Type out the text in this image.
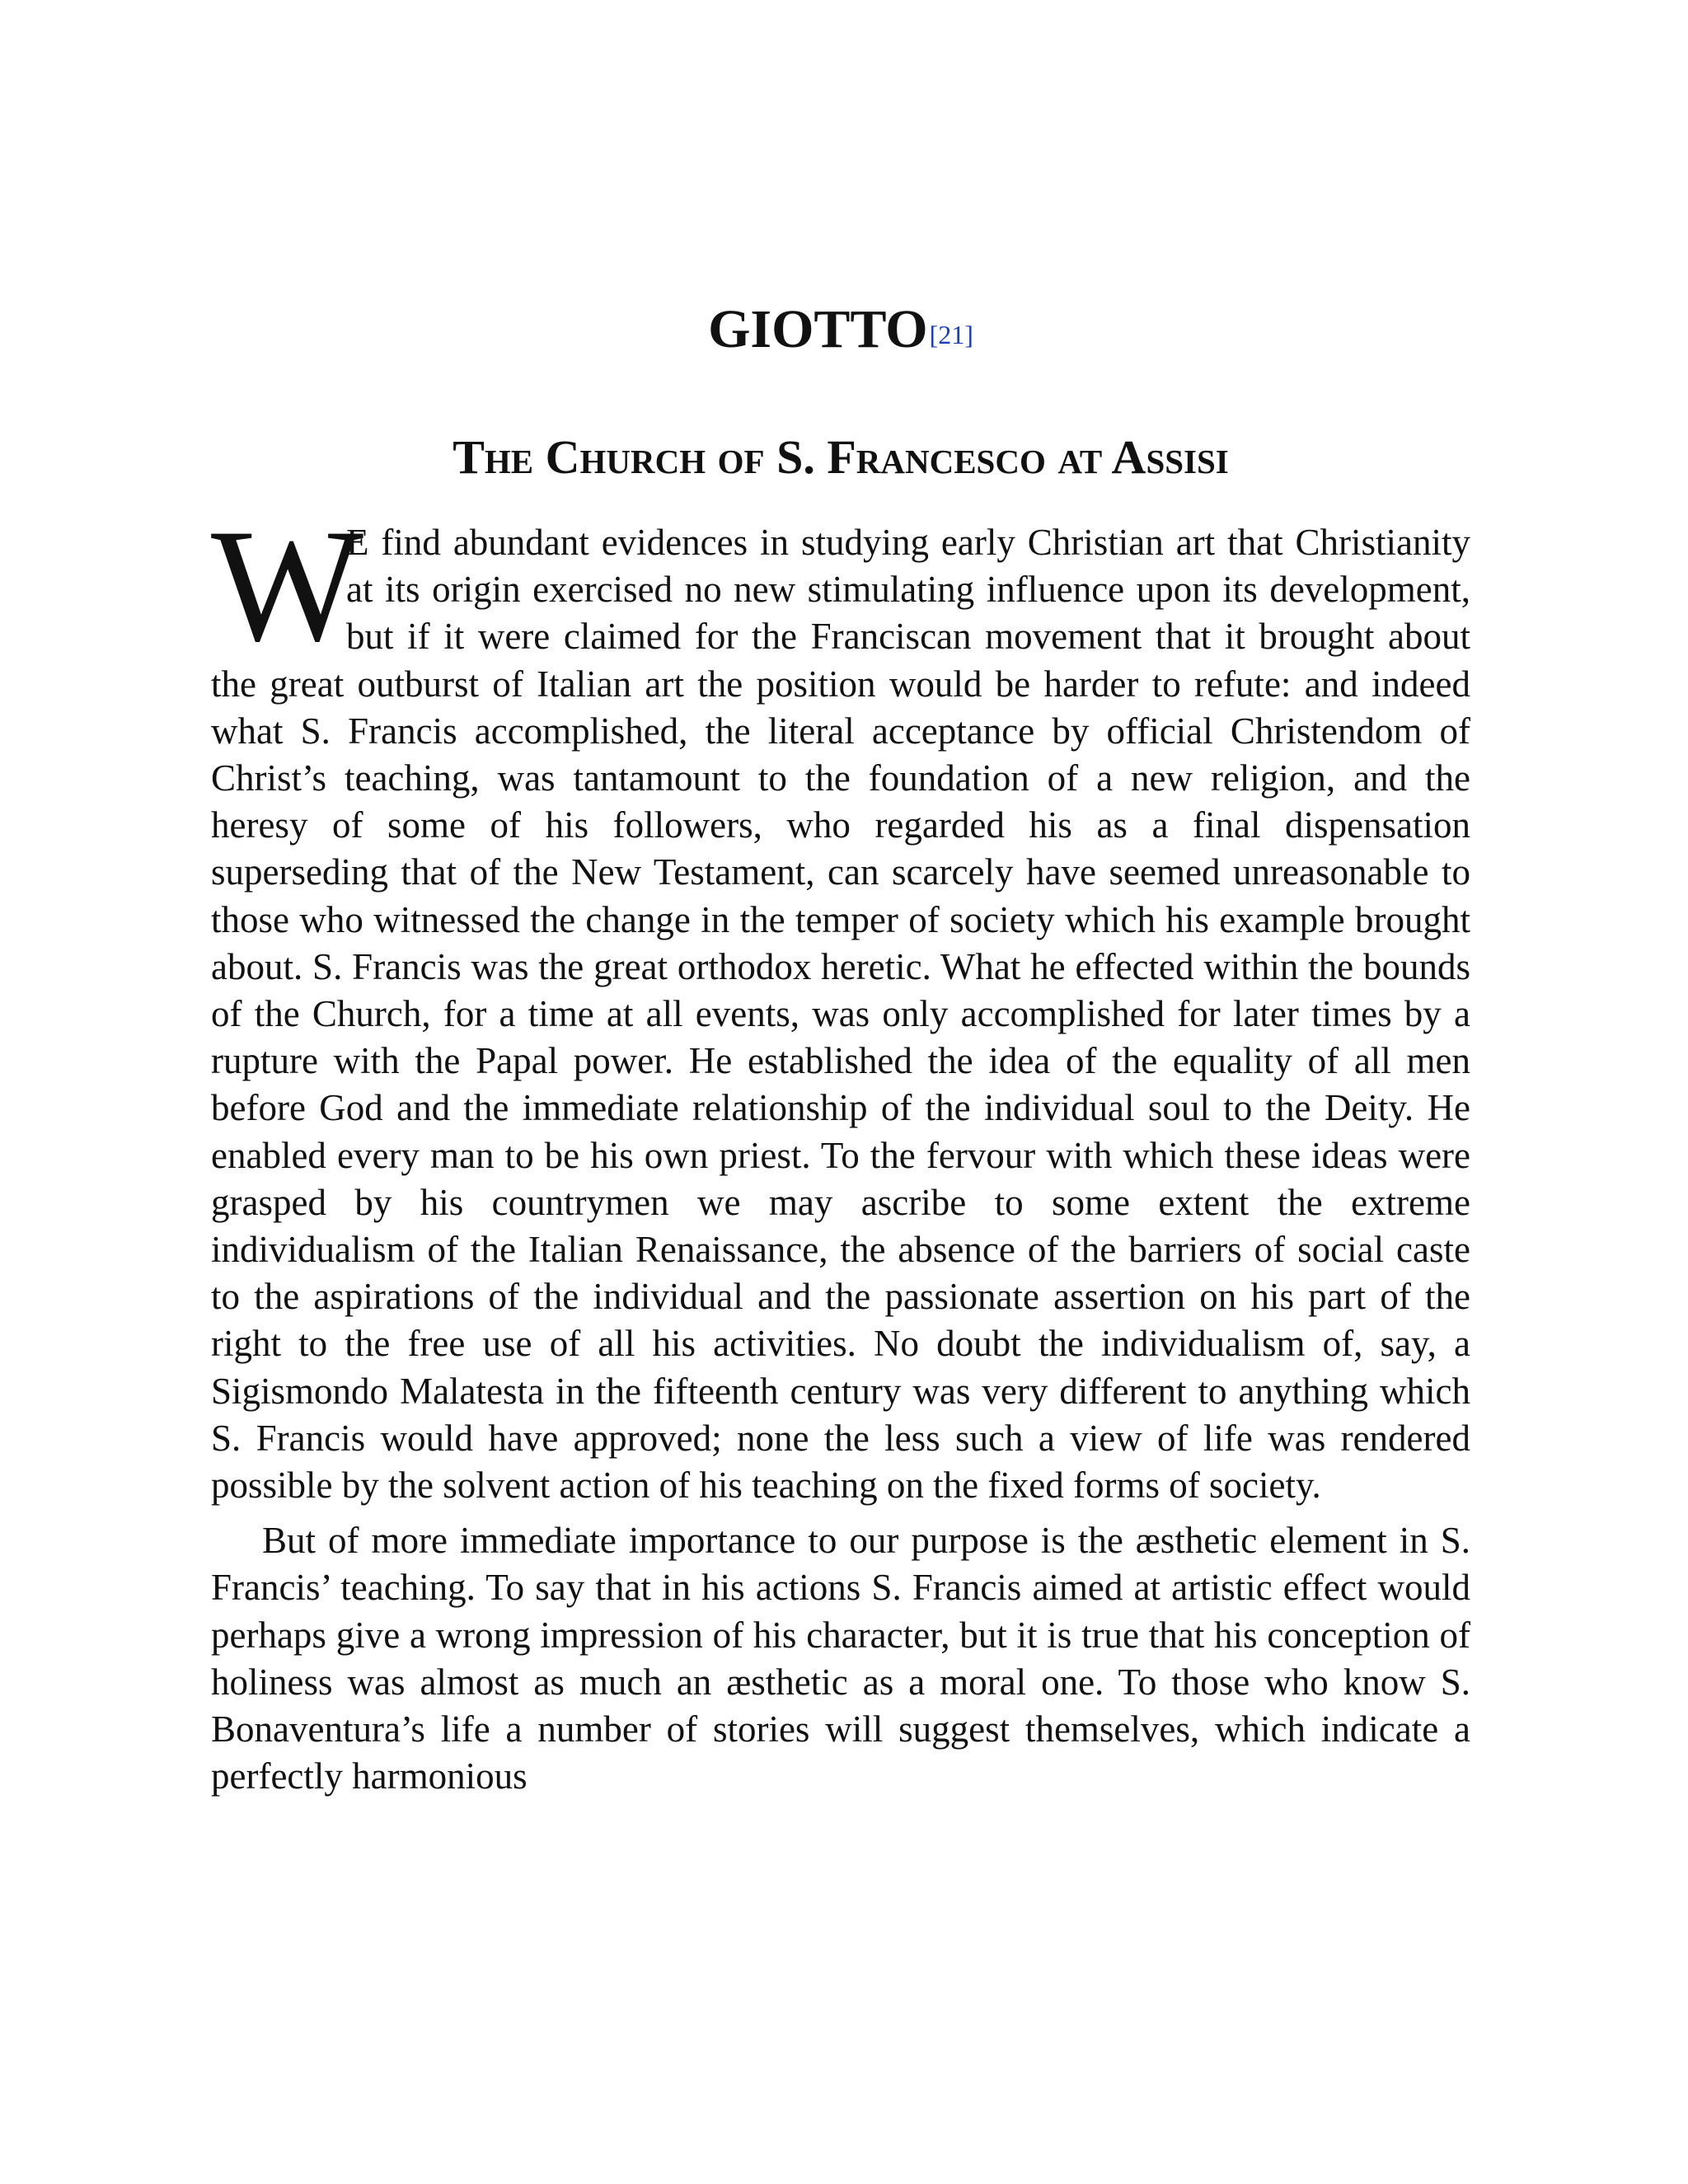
GIOTTO[21]
The Church of S. Francesco at Assisi

W
E find abundant evidences in studying early Christian art that Christianity at its origin exercised no new stimulating influence upon its development, but if it were claimed for the Franciscan movement that it brought about the great outburst of Italian art the position would be harder to refute: and indeed what S. Francis accomplished, the literal acceptance by official Christendom of Christ’s teaching, was tantamount to the foundation of a new religion, and the heresy of some of his followers, who regarded his as a final dispensation superseding that of the New Testament, can scarcely have seemed unreasonable to those who witnessed the change in the temper of society which his example brought about. S. Francis was the great orthodox heretic. What he effected within the bounds of the Church, for a time at all events, was only accomplished for later times by a rupture with the Papal power. He established the idea of the equality of all men before God and the immediate relationship of the individual soul to the Deity. He enabled every man to be his own priest. To the fervour with which these ideas were grasped by his countrymen we may ascribe to some extent the extreme individualism of the Italian Renaissance, the absence of the barriers of social caste to the aspirations of the individual and the passionate assertion on his part of the right to the free use of all his activities. No doubt the individualism of, say, a Sigismondo Malatesta in the fifteenth century was very different to anything which S. Francis would have approved; none the less such a view of life was rendered possible by the solvent action of his teaching on the fixed forms of society.

But of more immediate importance to our purpose is the æsthetic element in S. Francis’ teaching. To say that in his actions S. Francis aimed at artistic effect would perhaps give a wrong impression of his character, but it is true that his conception of holiness was almost as much an æsthetic as a moral one. To those who know S. Bonaventura’s life a number of stories will suggest themselves, which indicate a perfectly harmonious
